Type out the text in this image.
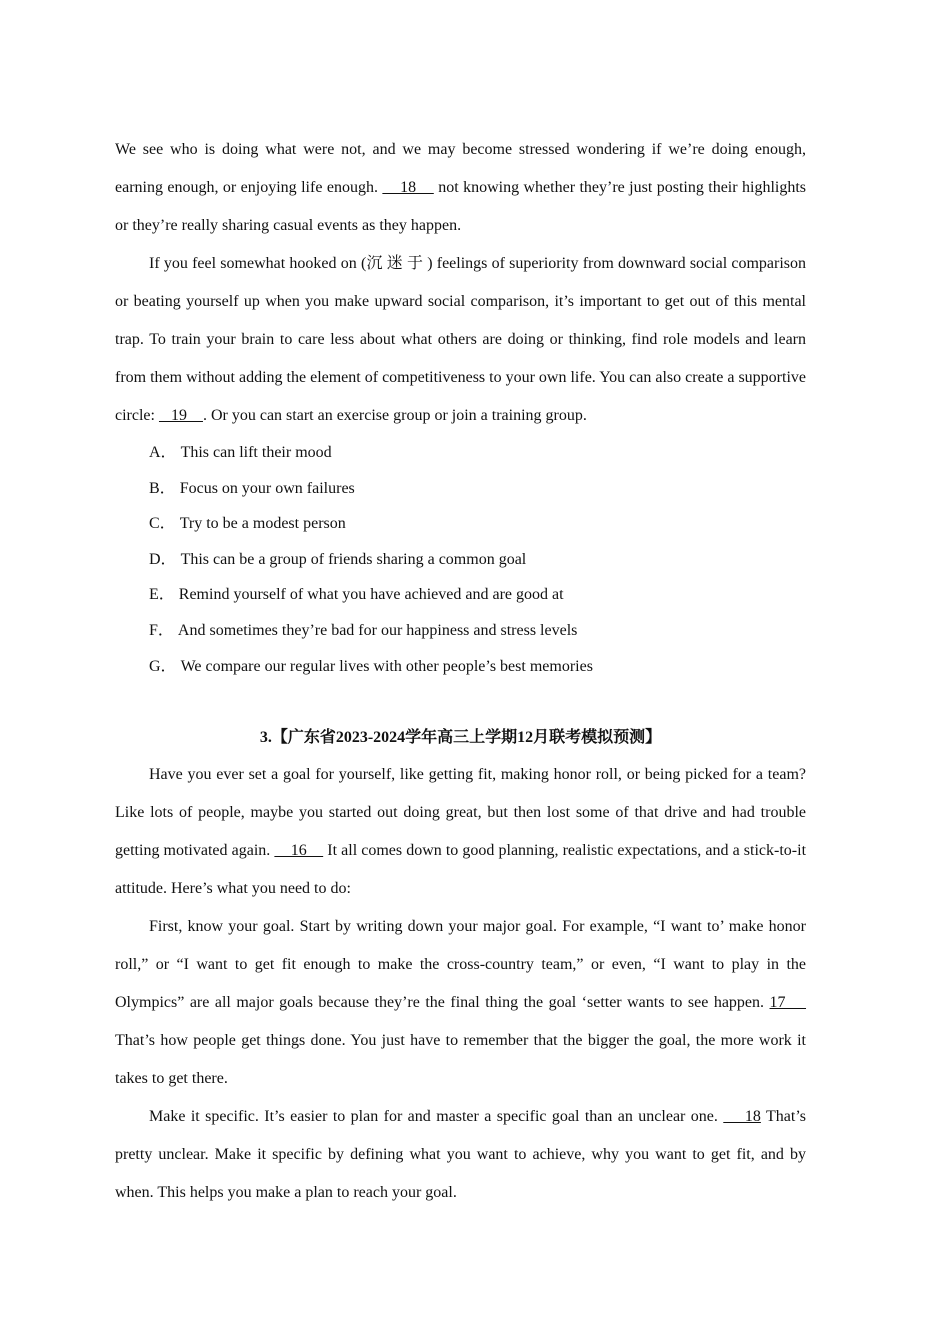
We see who is doing what were not, and we may become stressed wondering if we’re doing enough, earning enough, or enjoying life enough.     18     not knowing whether they’re just posting their highlights or they’re really sharing casual events as they happen.

If you feel somewhat hooked on (沉迷于) feelings of superiority from downward social comparison or beating yourself up when you make upward social comparison, it’s important to get out of this mental trap. To train your brain to care less about what others are doing or thinking, find role models and learn from them without adding the element of competitiveness to your own life. You can also create a supportive circle:    19    . Or you can start an exercise group or join a training group.

A． This can lift their mood

B． Focus on your own failures

C． Try to be a modest person

D． This can be a group of friends sharing a common goal

E． Remind yourself of what you have achieved and are good at

F． And sometimes they’re bad for our happiness and stress levels

G． We compare our regular lives with other people’s best memories

3.【广东省2023-2024学年高三上学期12月联考模拟预测】

Have you ever set a goal for yourself, like getting fit, making honor roll, or being picked for a team? Like lots of people, maybe you started out doing great, but then lost some of that drive and had trouble getting motivated again.     16     It all comes down to good planning, realistic expectations, and a stick-to-it attitude. Here’s what you need to do:

First, know your goal. Start by writing down your major goal. For example, “I want to’ make honor roll,” or “I want to get fit enough to make the cross-country team,” or even, “I want to play in the Olympics” are all major goals because they’re the final thing the goal ‘setter wants to see happen. 17     That’s how people get things done. You just have to remember that the bigger the goal, the more work it takes to get there.

Make it specific. It’s easier to plan for and master a specific goal than an unclear one.     18 That’s pretty unclear. Make it specific by defining what you want to achieve, why you want to get fit, and by when. This helps you make a plan to reach your goal.
